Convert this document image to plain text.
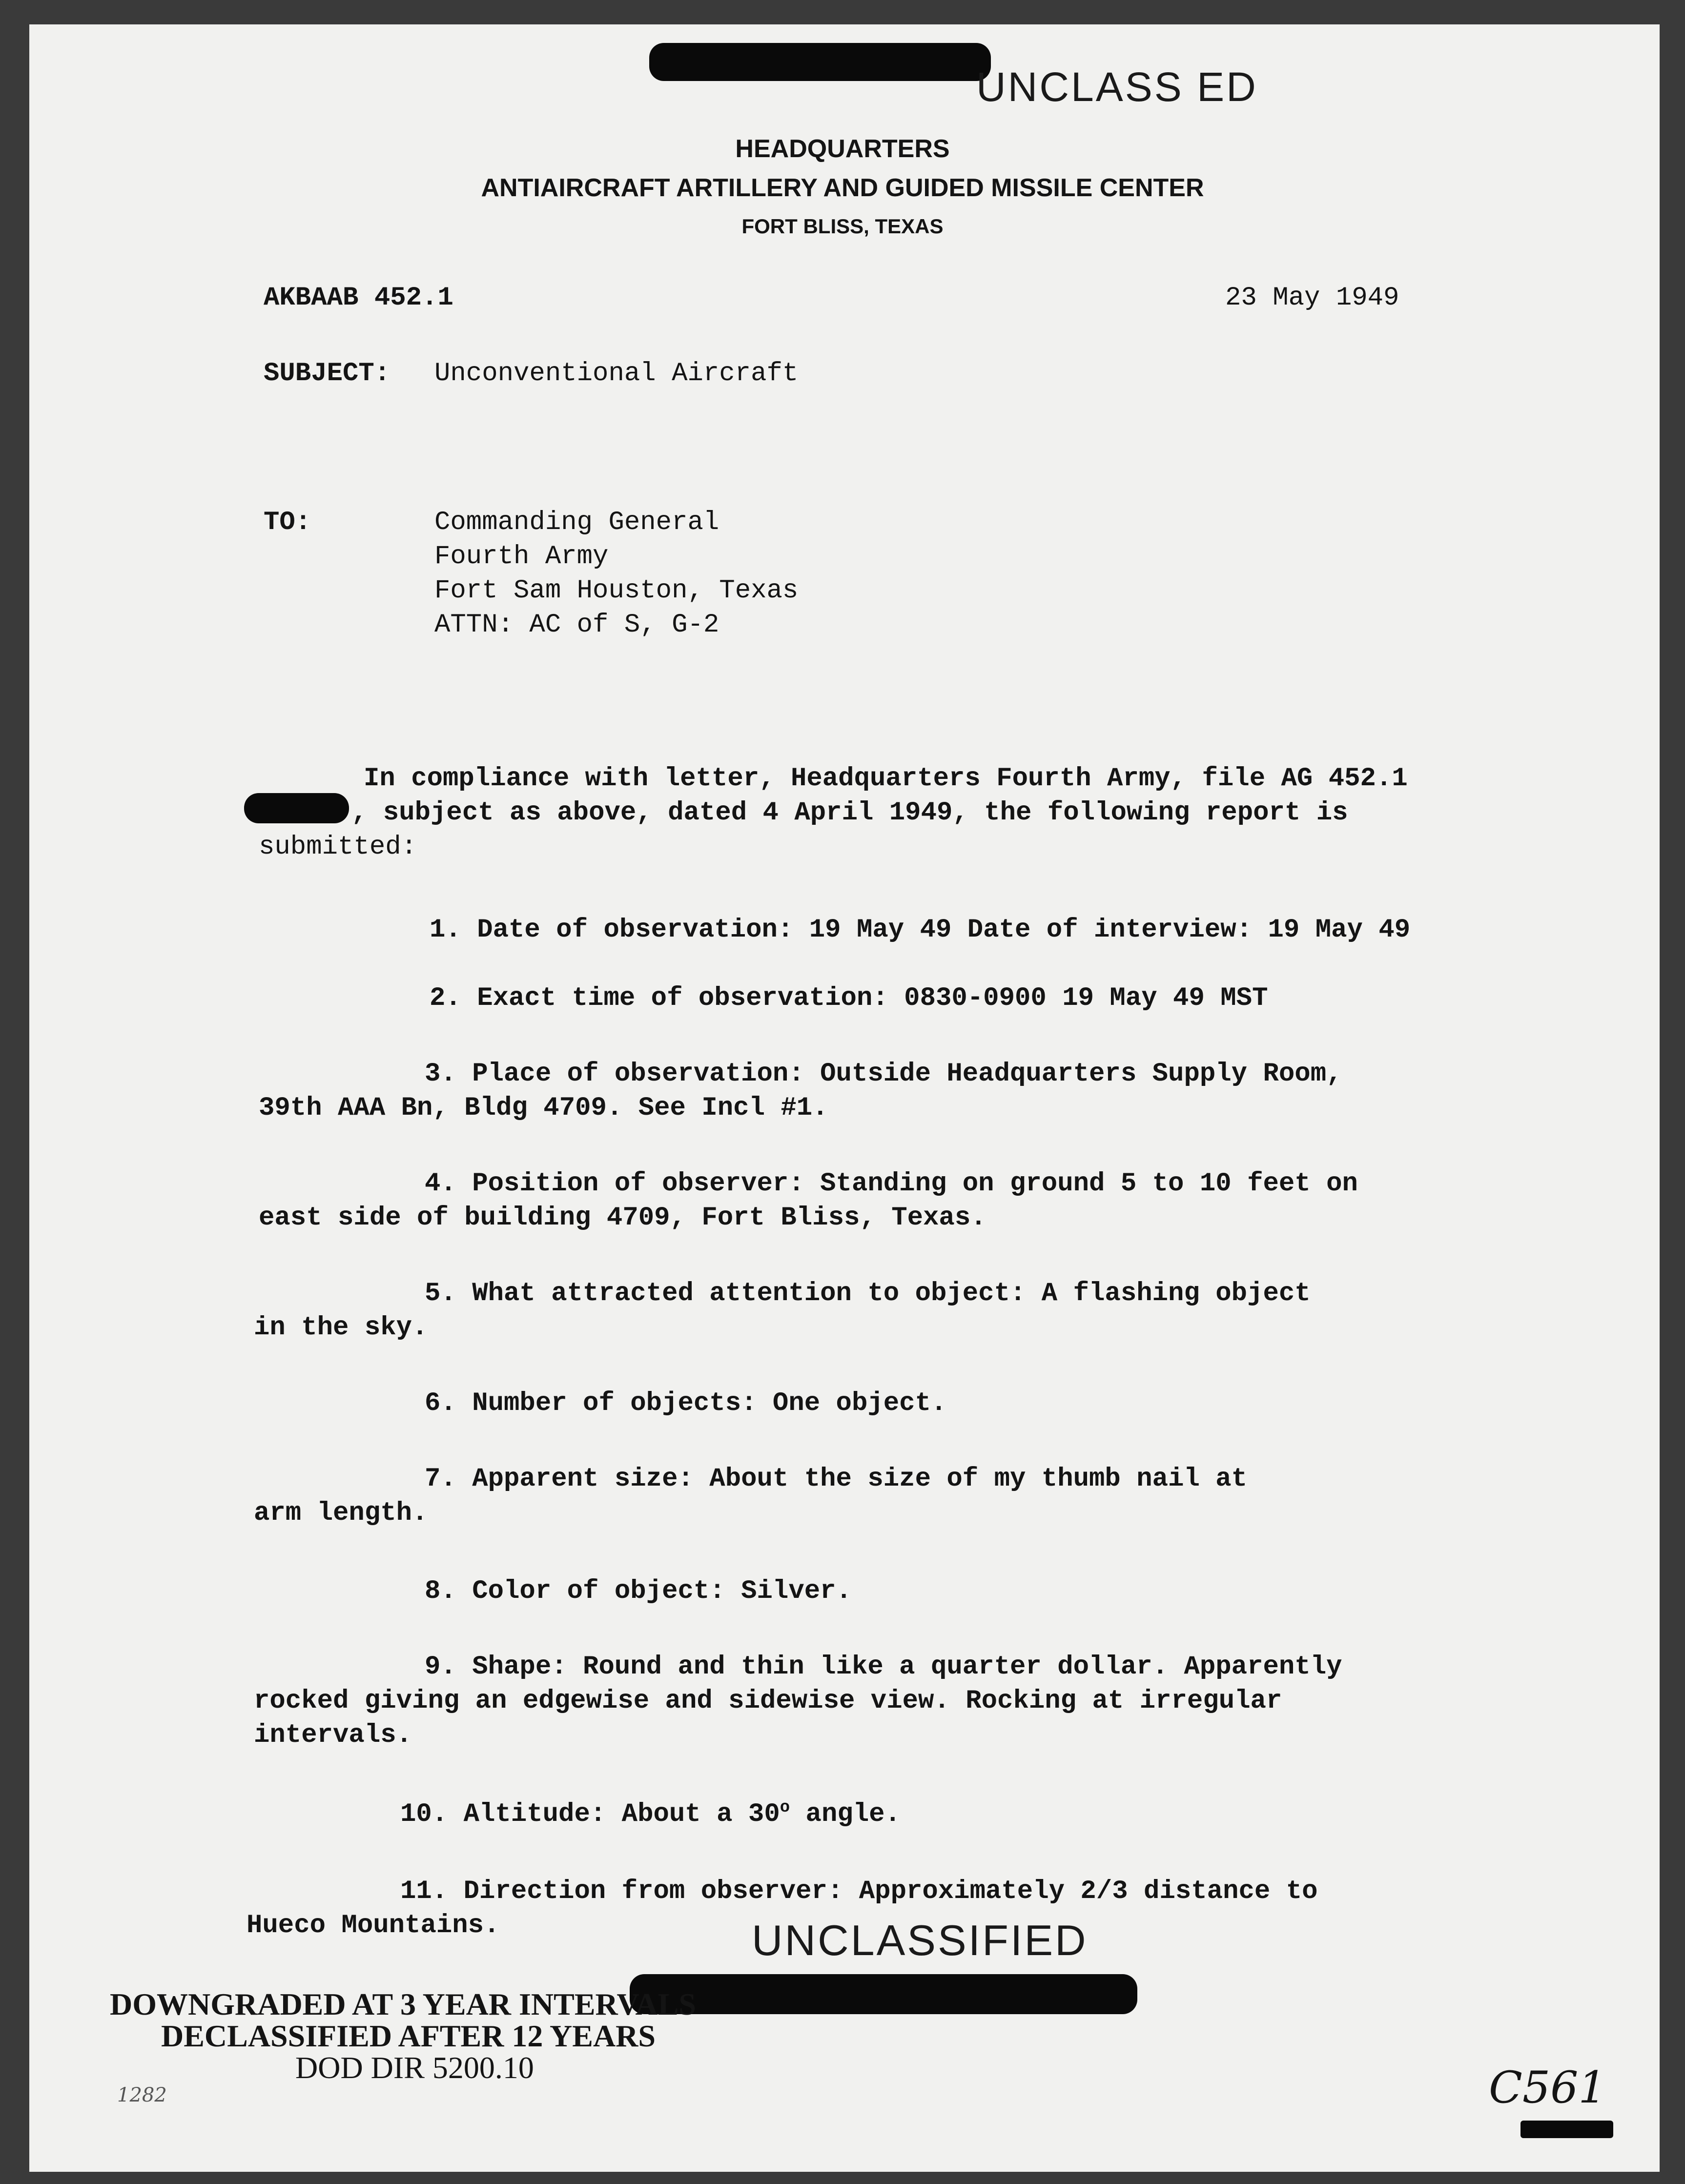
UNCLASS ED
HEADQUARTERS
ANTIAIRCRAFT ARTILLERY AND GUIDED MISSILE CENTER
FORT BLISS, TEXAS
AKBAAB 452.1	23 May 1949
SUBJECT: Unconventional Aircraft
TO:	Commanding General
Fourth Army
Fort Sam Houston, Texas
ATTN: AC of S, G-2
In compliance with letter, Headquarters Fourth Army, file AG 452.1
, subject as above, dated 4 April 1949, the following report is
submitted:
1. Date of observation: 19 May 49 Date of interview: 19 May 49
2. Exact time of observation: 0830-0900 19 May 49 MST
3. Place of observation: Outside Headquarters Supply Room,
39th AAA Bn, Bldg 4709. See Incl #1.
4. Position of observer: Standing on ground 5 to 10 feet on
east side of building 4709, Fort Bliss, Texas.
5. What attracted attention to object: A flashing object
in the sky.
6. Number of objects: One object.
7. Apparent size: About the size of my thumb nail at
arm length.
8. Color of object: Silver.
9. Shape: Round and thin like a quarter dollar. Apparently
rocked giving an edgewise and sidewise view. Rocking at irregular
intervals.
10. Altitude: About a 30$^o$ angle.
11. Direction from observer: Approximately 2/3 distance to
Hueco Mountains.	UNCLASSIFIED
DOWNGRADED AT 3 YEAR INTERVALS
DECLASSIFIED AFTER 12 YEARS
DOD DIR 5200.10	C561
1282
